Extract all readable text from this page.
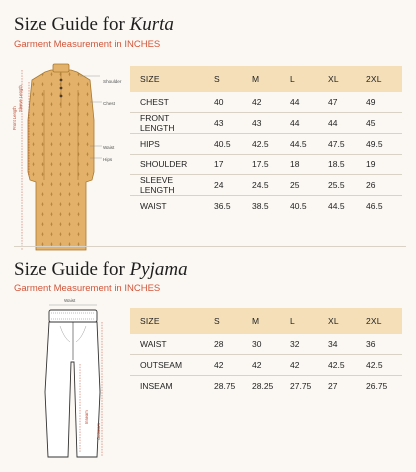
Size Guide for Kurta
Garment Measurement in INCHES
Shoulder
Chest
Waist
Hips
Front Length
Sleeve Length
SIZE	S	M	L	XL	2XL
CHEST	40	42	44	47	49
FRONT LENGTH	43	43	44	44	45
HIPS	40.5	42.5	44.5	47.5	49.5
SHOULDER	17	17.5	18	18.5	19
SLEEVE LENGTH	24	24.5	25	25.5	26
WAIST	36.5	38.5	40.5	44.5	46.5
Size Guide for Pyjama
Garment Measurement in INCHES
Waist
Inseam
Outseam
SIZE	S	M	L	XL	2XL
WAIST	28	30	32	34	36
OUTSEAM	42	42	42	42.5	42.5
INSEAM	28.75	28.25	27.75	27	26.75
